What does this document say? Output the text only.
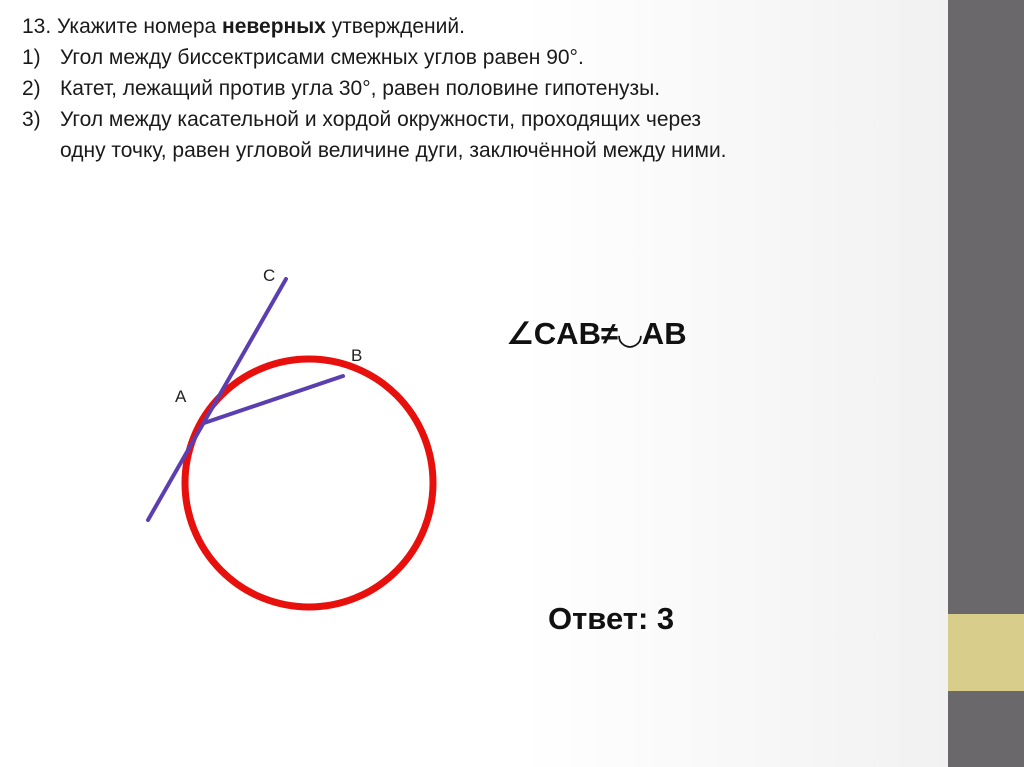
13. Укажите номера неверных утверждений.
1) Угол между биссектрисами смежных углов равен 90°.
2) Катет, лежащий против угла 30°, равен половине гипотенузы.
3) Угол между касательной и хордой окружности, проходящих через
одну точку, равен угловой величине дуги, заключённой между ними.
C
B
A
∠CAB≠◡AB
Ответ: 3
